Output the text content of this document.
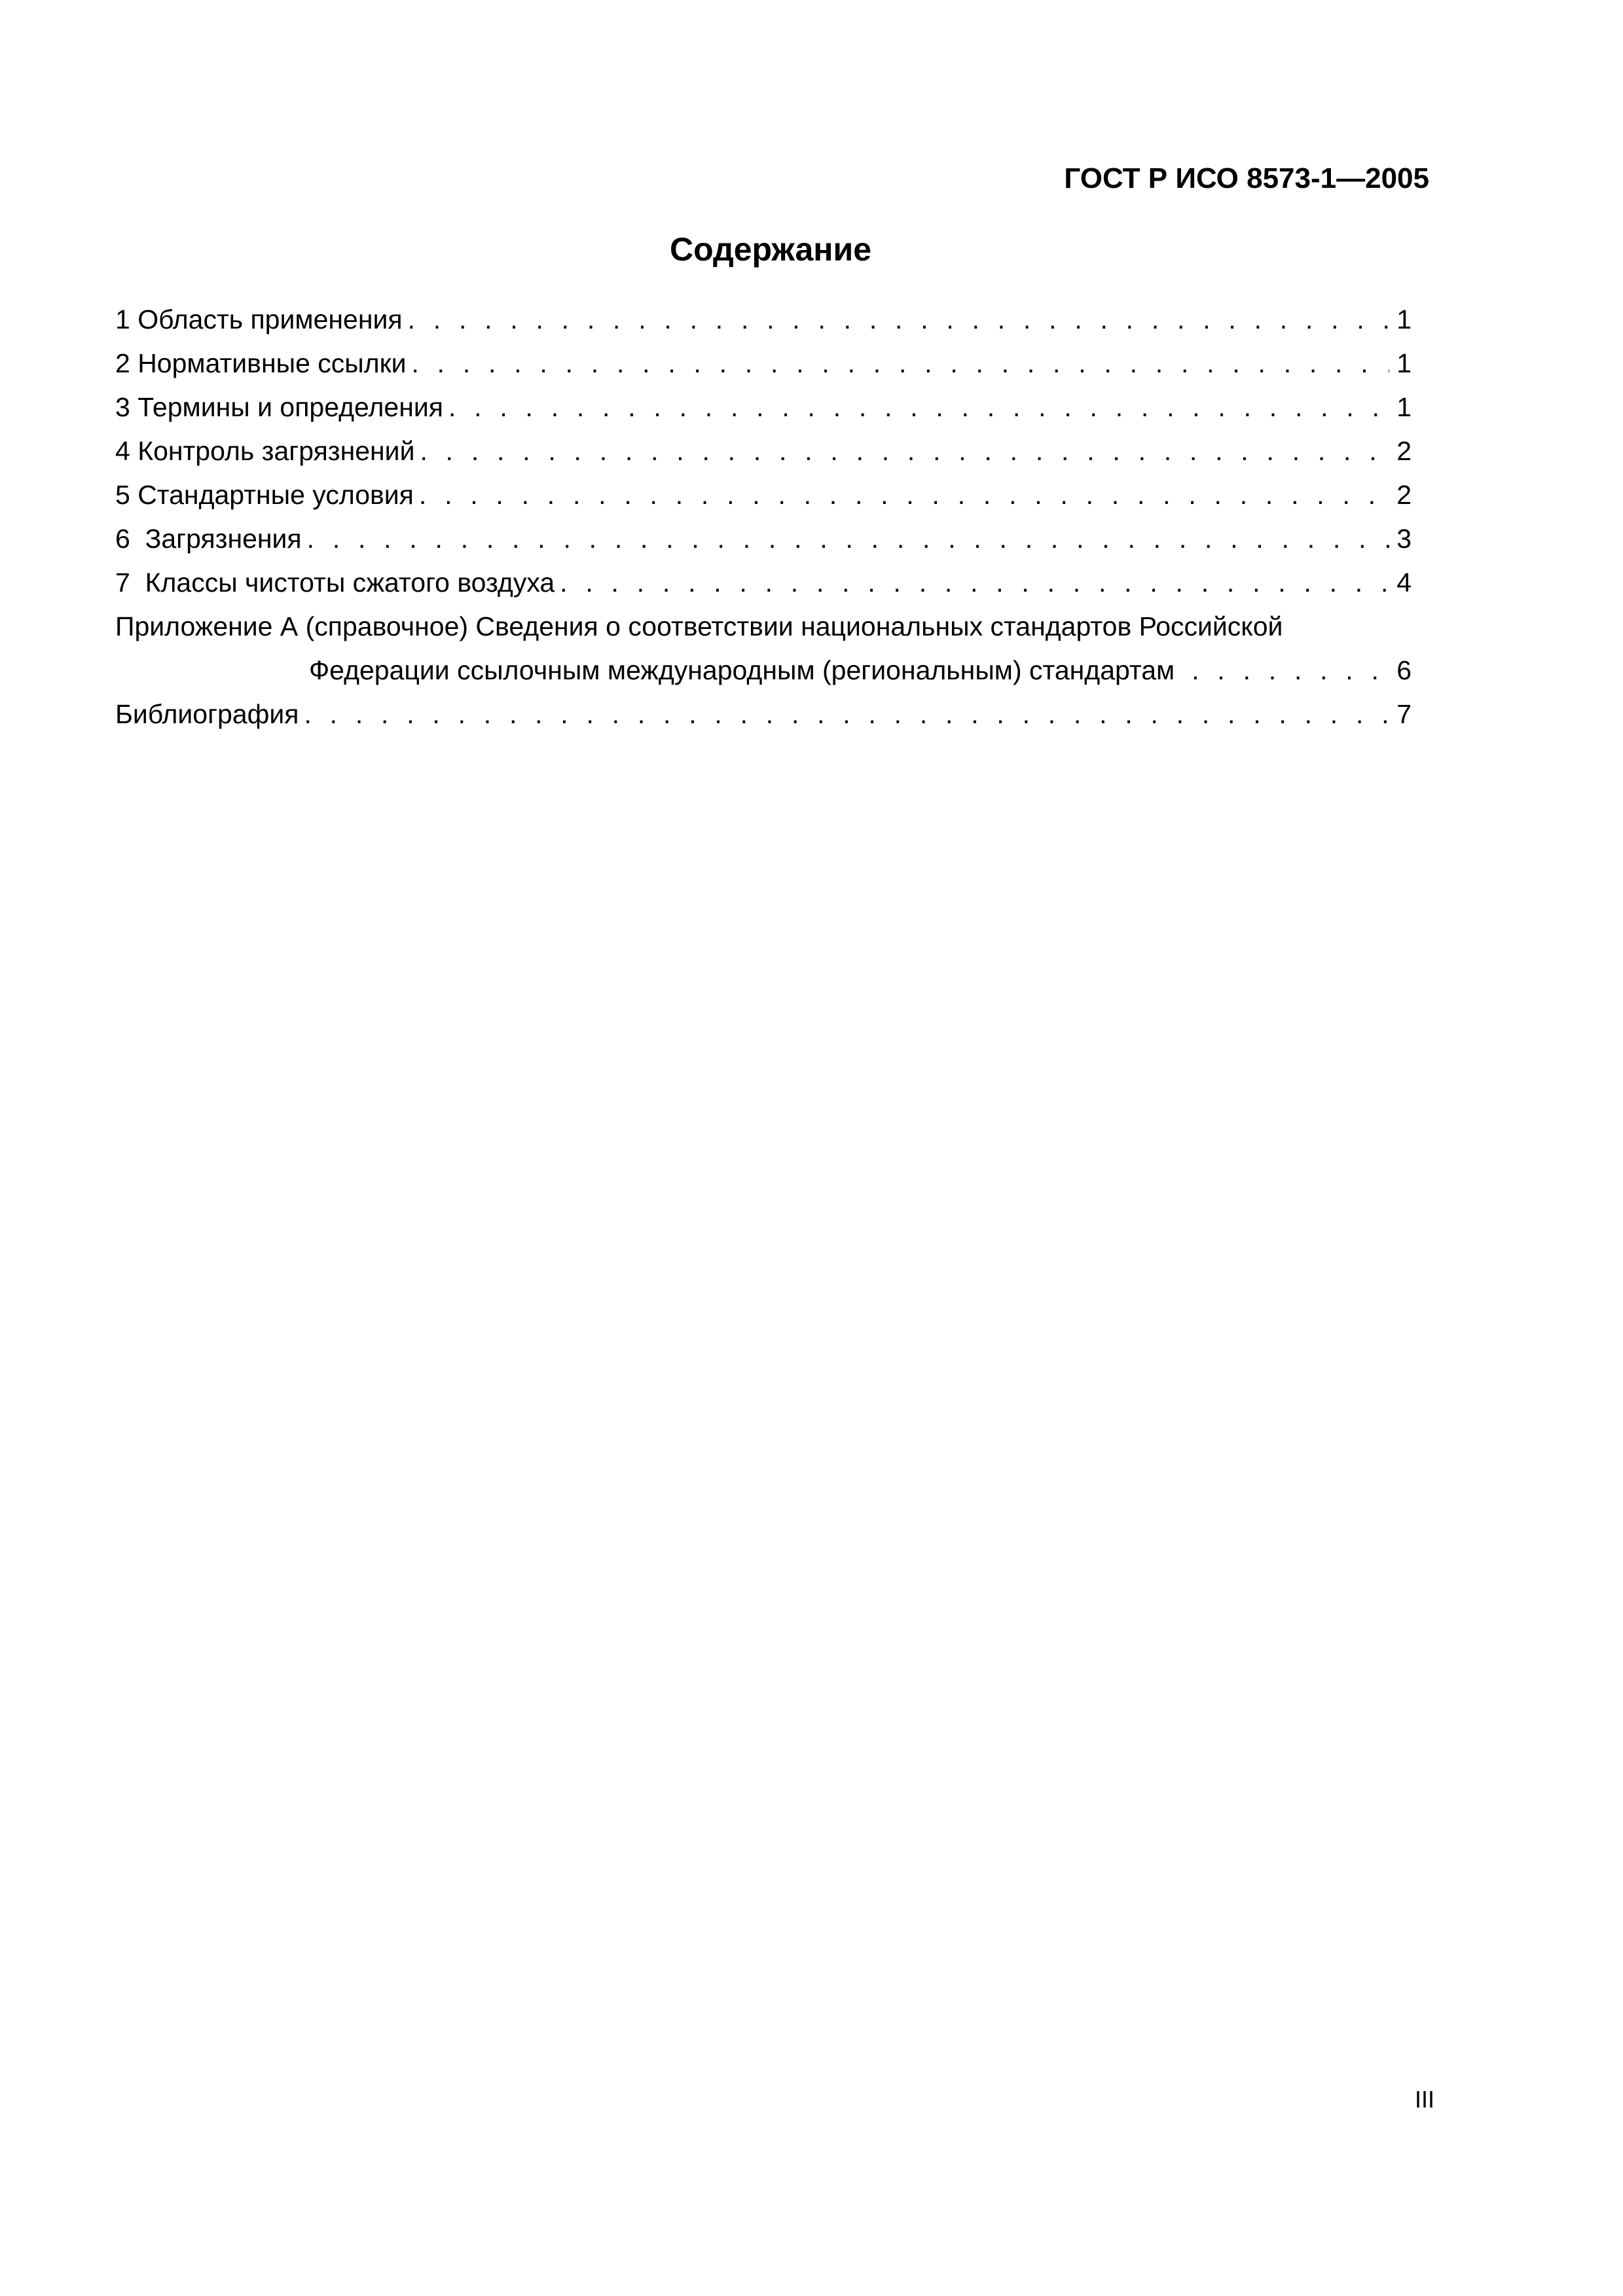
ГОСТ Р ИСО 8573-1—2005
Содержание
1 Область применения . . .	1
2 Нормативные ссылки . . .	1
3 Термины и определения . . .	1
4 Контроль загрязнений . . .	2
5 Стандартные условия . . .	2
6  Загрязнения . . .	3
7  Классы чистоты сжатого воздуха . . .	4
Приложение А (справочное) Сведения о соответствии национальных стандартов Российской
Федерации ссылочным международным (региональным) стандартам . . .	6
Библиография . . .	7
III
